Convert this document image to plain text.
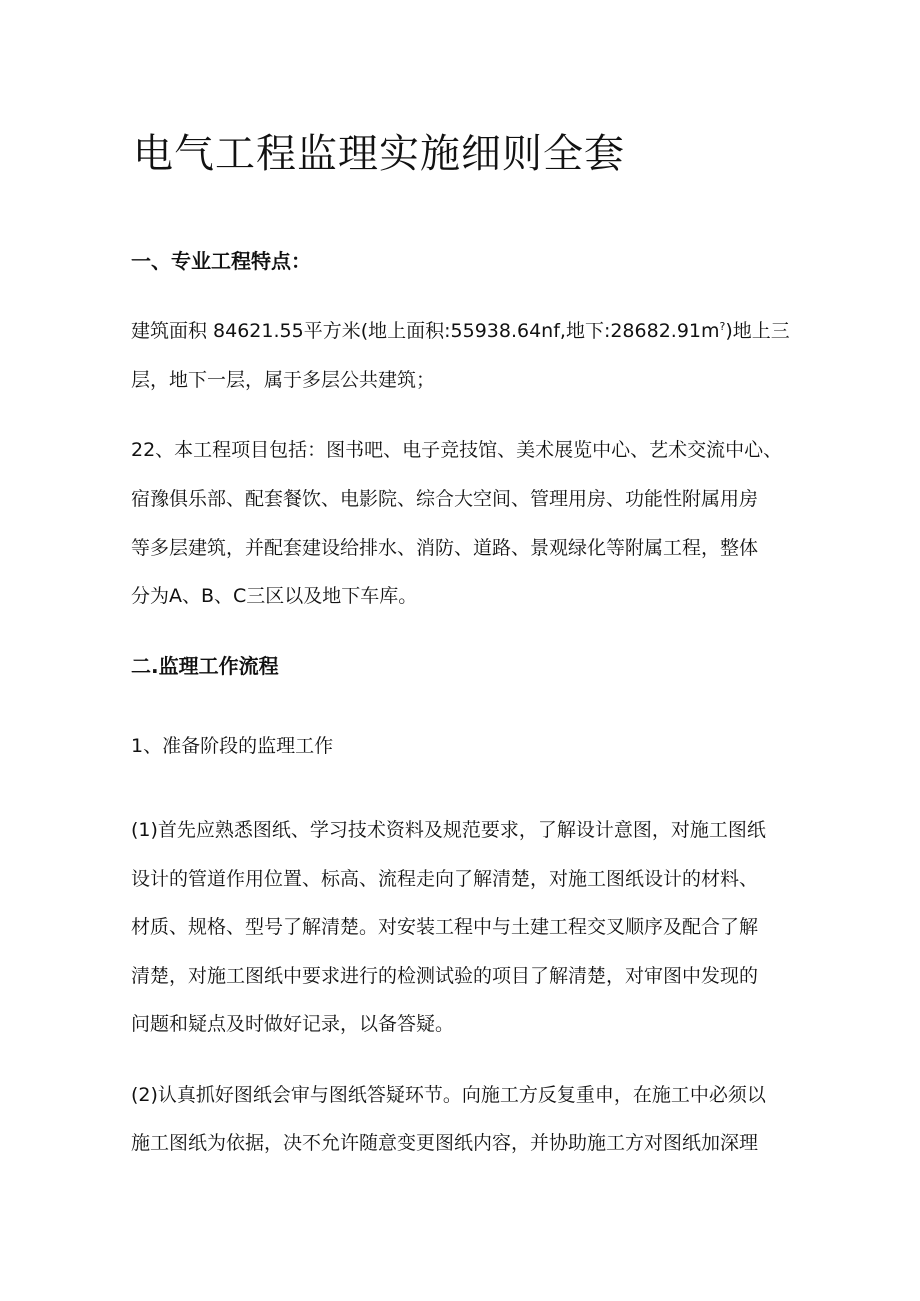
电气工程监理实施细则全套
一、专业工程特点：

建筑面积 84621.55平方米(地上面积:55938.64nf,地下:28682.91m?)地上三

层，地下一层，属于多层公共建筑；

22、本工程项目包括：图书吧、电子竞技馆、美术展览中心、艺术交流中心、

宿豫俱乐部、配套餐饮、电影院、综合大空间、管理用房、功能性附属用房

等多层建筑，并配套建设给排水、消防、道路、景观绿化等附属工程，整体

分为A、B、C三区以及地下车库。

二.监理工作流程

1、准备阶段的监理工作

(1)首先应熟悉图纸、学习技术资料及规范要求，了解设计意图，对施工图纸

设计的管道作用位置、标高、流程走向了解清楚，对施工图纸设计的材料、

材质、规格、型号了解清楚。对安装工程中与土建工程交叉顺序及配合了解

清楚，对施工图纸中要求进行的检测试验的项目了解清楚，对审图中发现的

问题和疑点及时做好记录，以备答疑。

(2)认真抓好图纸会审与图纸答疑环节。向施工方反复重申，在施工中必须以

施工图纸为依据，决不允许随意变更图纸内容，并协助施工方对图纸加深理
